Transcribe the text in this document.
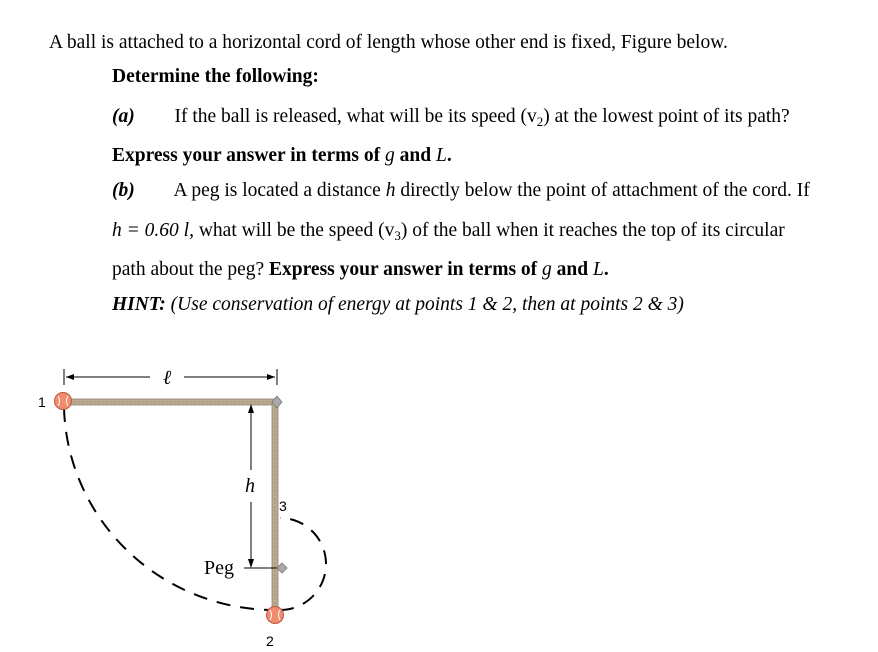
A ball is attached to a horizontal cord of length whose other end is fixed, Figure below.
Determine the following:
(a) If the ball is released, what will be its speed $(v_2)$ at the lowest point of its path?
Express your answer in terms of g and L.
(b) A peg is located a distance h directly below the point of attachment of the cord. If
h = 0.60 l, what will be the speed $(v_3)$ of the ball when it reaches the top of its circular
path about the peg? Express your answer in terms of g and L.
HINT: (Use conservation of energy at points 1 & 2, then at points 2 & 3)
ℓ
h
Peg
1
2
3
